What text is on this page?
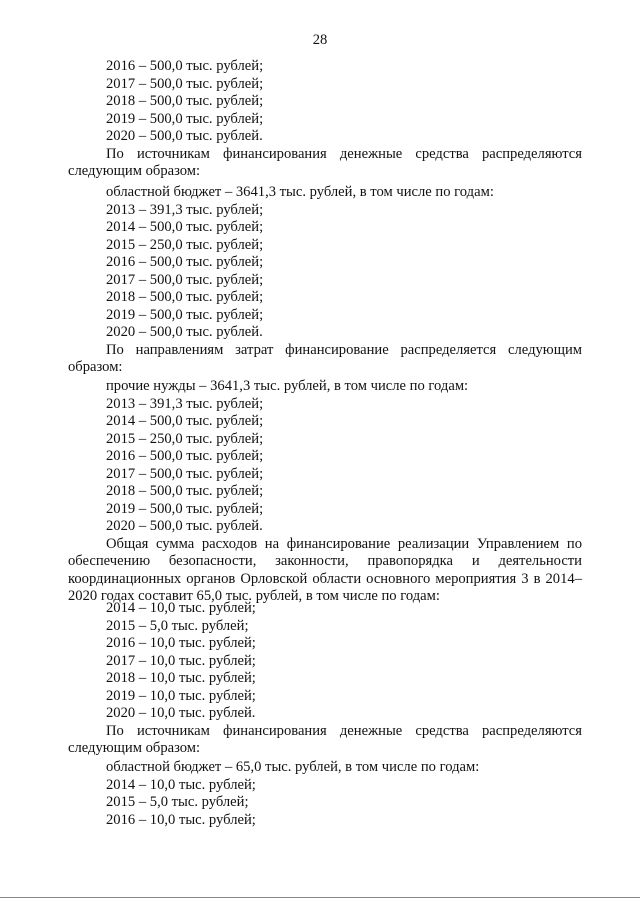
28
2016 – 500,0 тыс. рублей;
2017 – 500,0 тыс. рублей;
2018 – 500,0 тыс. рублей;
2019 – 500,0 тыс. рублей;
2020 – 500,0 тыс. рублей.
По источникам финансирования денежные средства распределяются следующим образом:
областной бюджет – 3641,3 тыс. рублей, в том числе по годам:
2013 – 391,3 тыс. рублей;
2014 – 500,0 тыс. рублей;
2015 – 250,0 тыс. рублей;
2016 – 500,0 тыс. рублей;
2017 – 500,0 тыс. рублей;
2018 – 500,0 тыс. рублей;
2019 – 500,0 тыс. рублей;
2020 – 500,0 тыс. рублей.
По направлениям затрат финансирование распределяется следующим образом:
прочие нужды – 3641,3 тыс. рублей, в том числе по годам:
2013 – 391,3 тыс. рублей;
2014 – 500,0 тыс. рублей;
2015 – 250,0 тыс. рублей;
2016 – 500,0 тыс. рублей;
2017 – 500,0 тыс. рублей;
2018 – 500,0 тыс. рублей;
2019 – 500,0 тыс. рублей;
2020 – 500,0 тыс. рублей.
Общая сумма расходов на финансирование реализации Управлением по обеспечению безопасности, законности, правопорядка и деятельности координационных органов Орловской области основного мероприятия 3 в 2014–2020 годах составит 65,0 тыс. рублей, в том числе по годам:
2014 – 10,0 тыс. рублей;
2015 – 5,0 тыс. рублей;
2016 – 10,0 тыс. рублей;
2017 – 10,0 тыс. рублей;
2018 – 10,0 тыс. рублей;
2019 – 10,0 тыс. рублей;
2020 – 10,0 тыс. рублей.
По источникам финансирования денежные средства распределяются следующим образом:
областной бюджет – 65,0 тыс. рублей, в том числе по годам:
2014 – 10,0 тыс. рублей;
2015 – 5,0 тыс. рублей;
2016 – 10,0 тыс. рублей;
